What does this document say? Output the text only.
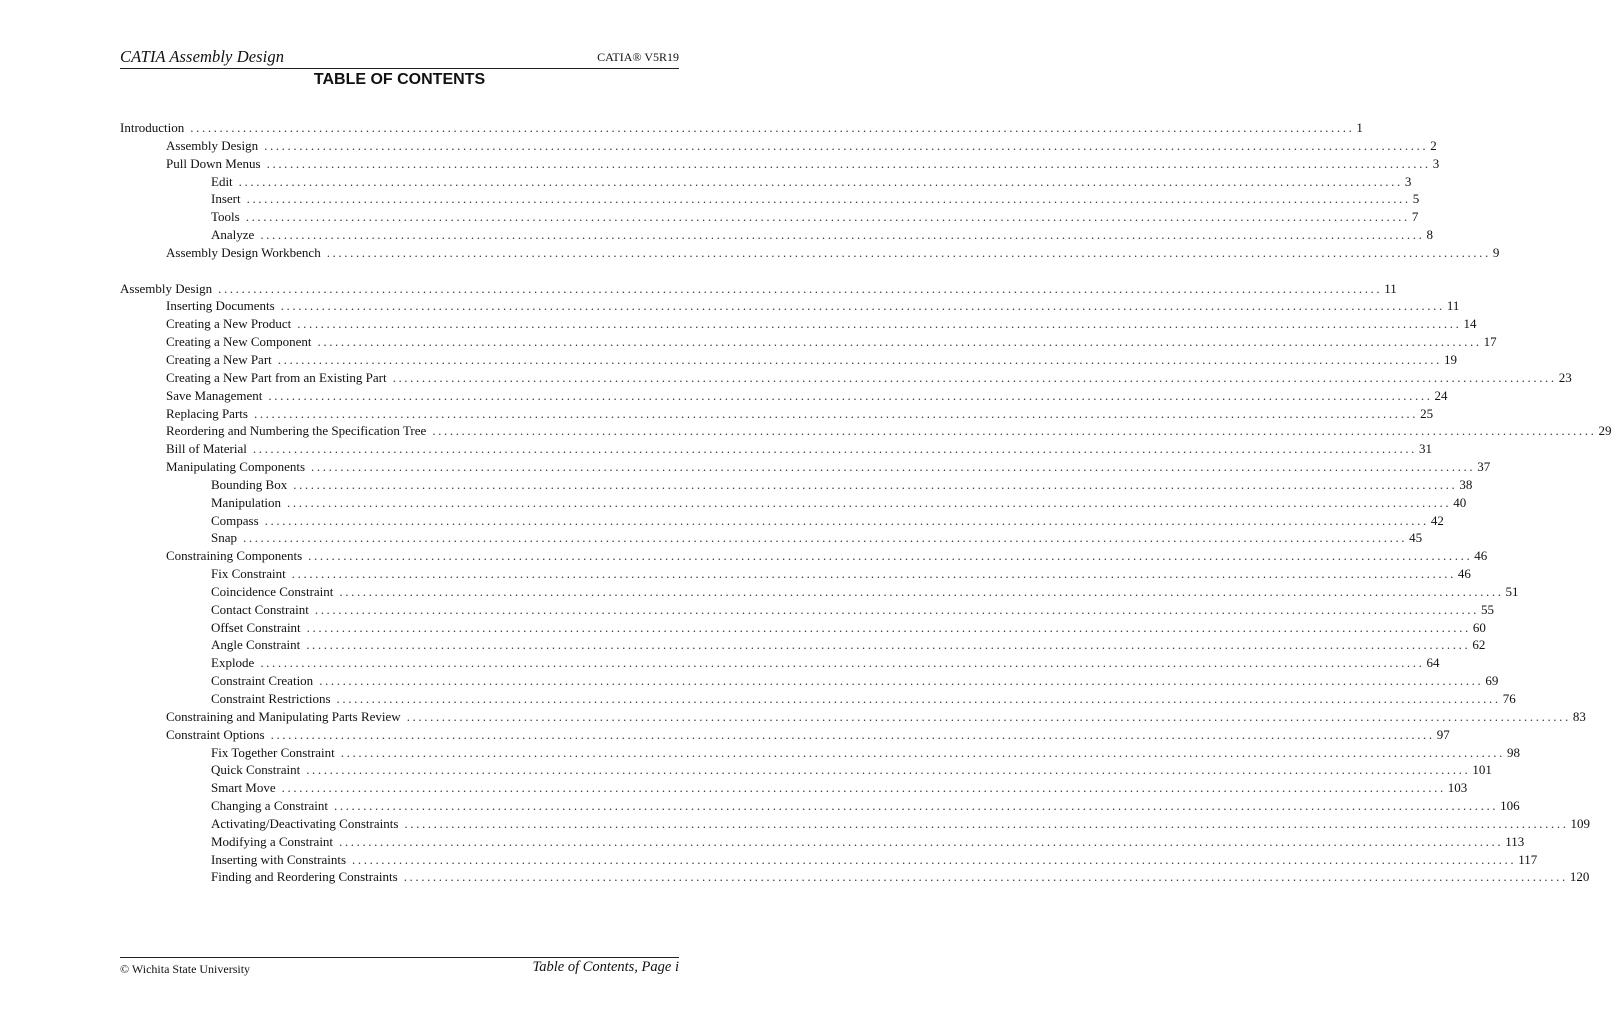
CATIA Assembly Design	CATIA® V5R19
TABLE OF CONTENTS
Introduction ....................................................................................................................................................................................................... 1
Assembly Design ....................................................................................................................................................................................................... 2
Pull Down Menus ....................................................................................................................................................................................................... 3
Edit ....................................................................................................................................................................................................... 3
Insert ....................................................................................................................................................................................................... 5
Tools ....................................................................................................................................................................................................... 7
Analyze ....................................................................................................................................................................................................... 8
Assembly Design Workbench ....................................................................................................................................................................................................... 9
Assembly Design ....................................................................................................................................................................................................... 11
Inserting Documents ....................................................................................................................................................................................................... 11
Creating a New Product ....................................................................................................................................................................................................... 14
Creating a New Component ....................................................................................................................................................................................................... 17
Creating a New Part ....................................................................................................................................................................................................... 19
Creating a New Part from an Existing Part ....................................................................................................................................................................................................... 23
Save Management ....................................................................................................................................................................................................... 24
Replacing Parts ....................................................................................................................................................................................................... 25
Reordering and Numbering the Specification Tree ....................................................................................................................................................................................................... 29
Bill of Material ....................................................................................................................................................................................................... 31
Manipulating Components ....................................................................................................................................................................................................... 37
Bounding Box ....................................................................................................................................................................................................... 38
Manipulation ....................................................................................................................................................................................................... 40
Compass ....................................................................................................................................................................................................... 42
Snap ....................................................................................................................................................................................................... 45
Constraining Components ....................................................................................................................................................................................................... 46
Fix Constraint ....................................................................................................................................................................................................... 46
Coincidence Constraint ....................................................................................................................................................................................................... 51
Contact Constraint ....................................................................................................................................................................................................... 55
Offset Constraint ....................................................................................................................................................................................................... 60
Angle Constraint ....................................................................................................................................................................................................... 62
Explode ....................................................................................................................................................................................................... 64
Constraint Creation ....................................................................................................................................................................................................... 69
Constraint Restrictions ....................................................................................................................................................................................................... 76
Constraining and Manipulating Parts Review ....................................................................................................................................................................................................... 83
Constraint Options ....................................................................................................................................................................................................... 97
Fix Together Constraint ....................................................................................................................................................................................................... 98
Quick Constraint ....................................................................................................................................................................................................... 101
Smart Move ....................................................................................................................................................................................................... 103
Changing a Constraint ....................................................................................................................................................................................................... 106
Activating/Deactivating Constraints ....................................................................................................................................................................................................... 109
Modifying a Constraint ....................................................................................................................................................................................................... 113
Inserting with Constraints ....................................................................................................................................................................................................... 117
Finding and Reordering Constraints ....................................................................................................................................................................................................... 120
© Wichita State University	Table of Contents, Page i
